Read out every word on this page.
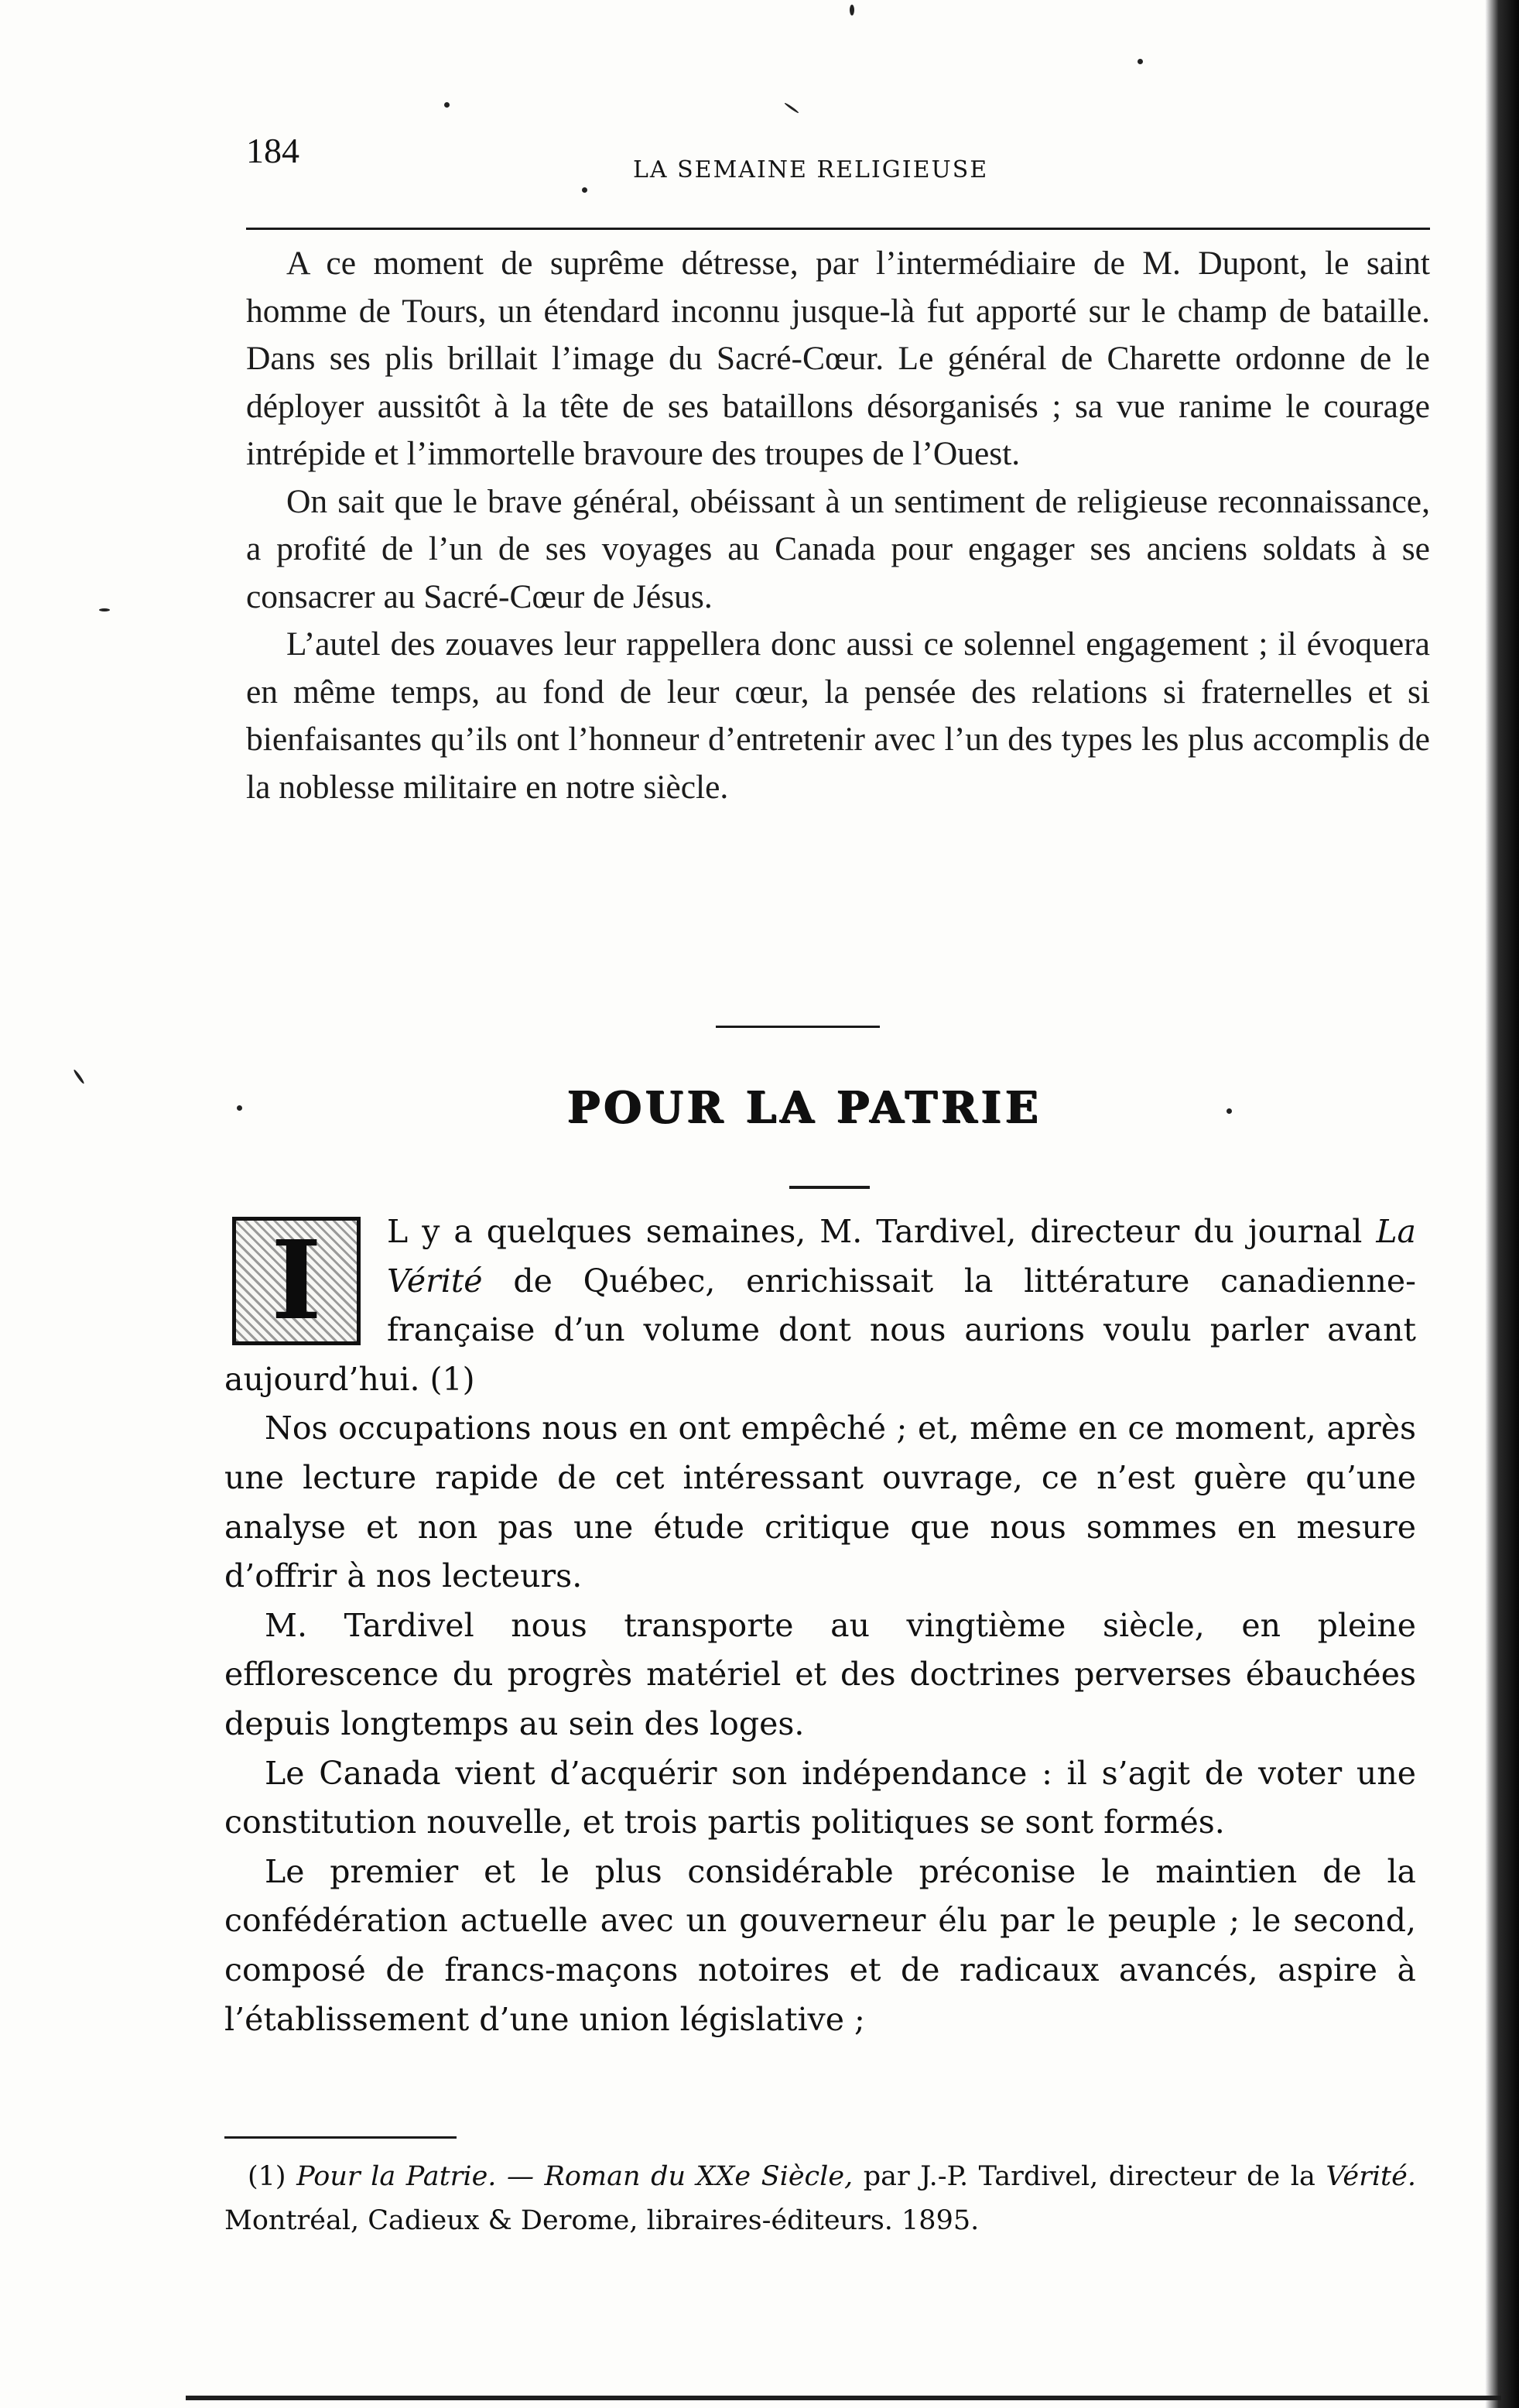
184	LA SEMAINE RELIGIEUSE

A ce moment de suprême détresse, par l’intermédiaire de M. Dupont, le saint homme de Tours, un étendard inconnu jusque-là fut apporté sur le champ de bataille. Dans ses plis brillait l’image du Sacré-Cœur. Le général de Charette ordonne de le déployer aussitôt à la tête de ses bataillons désorganisés ; sa vue ranime le courage intrépide et l’immortelle bravoure des troupes de l’Ouest.

On sait que le brave général, obéissant à un sentiment de religieuse reconnaissance, a profité de l’un de ses voyages au Canada pour engager ses anciens soldats à se consacrer au Sacré-Cœur de Jésus.

L’autel des zouaves leur rappellera donc aussi ce solennel engagement ; il évoquera en même temps, au fond de leur cœur, la pensée des relations si fraternelles et si bienfaisantes qu’ils ont l’honneur d’entretenir avec l’un des types les plus accomplis de la noblesse militaire en notre siècle.

POUR LA PATRIE
I	L y a quelques semaines, M. Tardivel, directeur du journal La Vérité de Québec, enrichissait la littérature canadienne-française d’un volume dont nous aurions voulu parler avant aujourd’hui. (1)

Nos occupations nous en ont empêché ; et, même en ce moment, après une lecture rapide de cet intéressant ouvrage, ce n’est guère qu’une analyse et non pas une étude critique que nous sommes en mesure d’offrir à nos lecteurs.

M. Tardivel nous transporte au vingtième siècle, en pleine efflorescence du progrès matériel et des doctrines perverses ébauchées depuis longtemps au sein des loges.

Le Canada vient d’acquérir son indépendance : il s’agit de voter une constitution nouvelle, et trois partis politiques se sont formés.

Le premier et le plus considérable préconise le maintien de la confédération actuelle avec un gouverneur élu par le peuple ; le second, composé de francs-maçons notoires et de radicaux avancés, aspire à l’établissement d’une union législative ;

(1) Pour la Patrie. — Roman du XXe Siècle, par J.-P. Tardivel, directeur de la Vérité. Montréal, Cadieux & Derome, libraires-éditeurs. 1895.
